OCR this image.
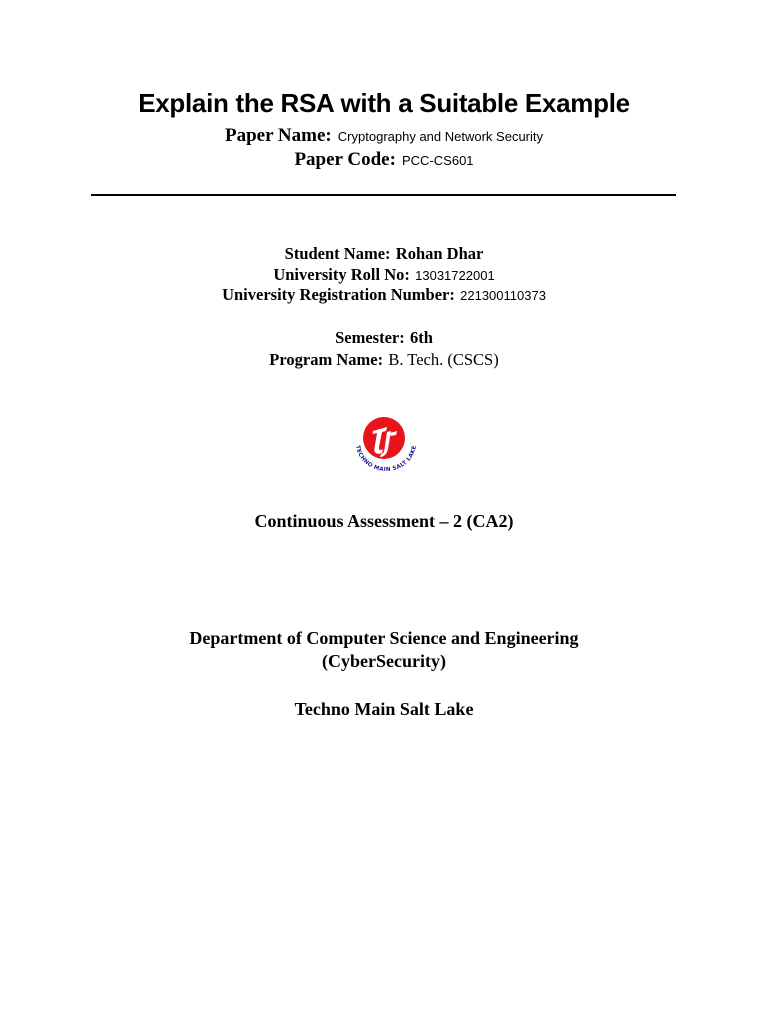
Explain the RSA with a Suitable Example
Paper Name: Cryptography and Network Security
Paper Code: PCC-CS601
Student Name: Rohan Dhar
University Roll No: 13031722001
University Registration Number: 221300110373
Semester: 6th
Program Name: B. Tech. (CSCS)
TECHNO MAIN SALT LAKE
Continuous Assessment – 2 (CA2)
Department of Computer Science and Engineering
(CyberSecurity)
Techno Main Salt Lake
